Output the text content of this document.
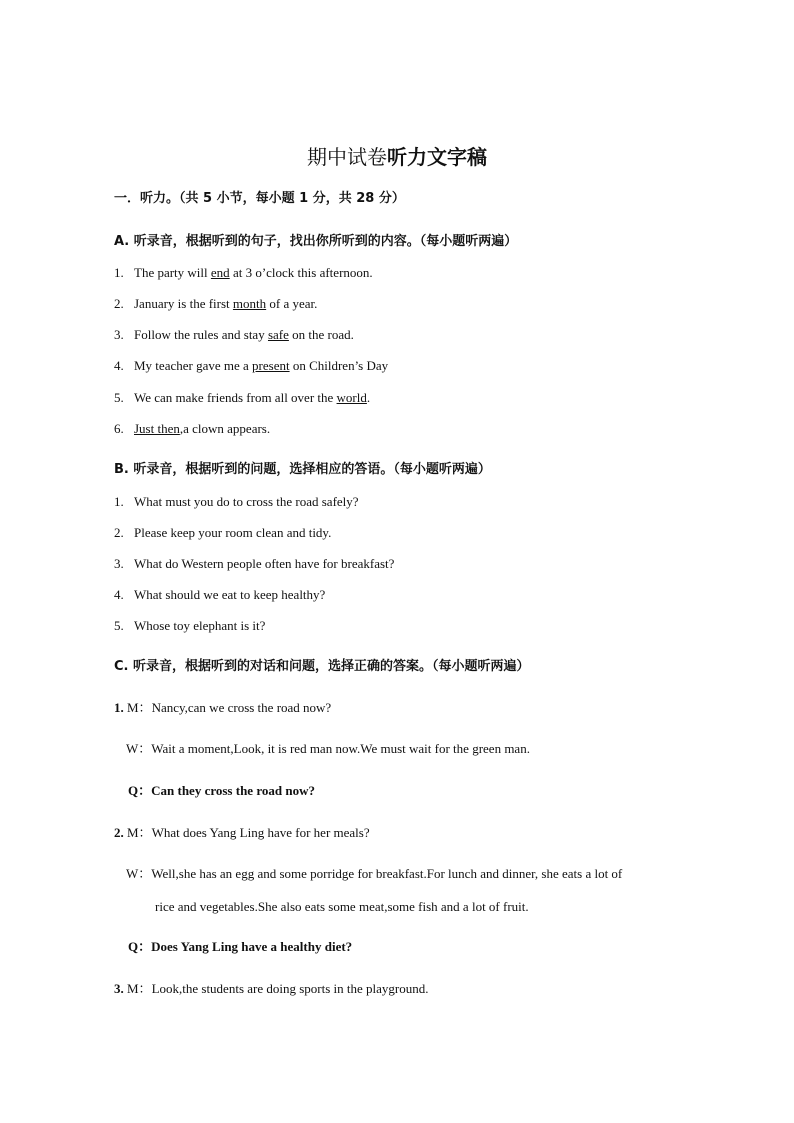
期中试卷听力文字稿
一．听力。（共 5 小节，每小题 1 分，共 28 分）
A. 听录音，根据听到的句子，找出你所听到的内容。（每小题听两遍）
1. The party will end at 3 o’clock this afternoon.
2. January is the first month of a year.
3. Follow the rules and stay safe on the road.
4. My teacher gave me a present on Children’s Day
5. We can make friends from all over the world.
6. Just then,a clown appears.
B. 听录音，根据听到的问题，选择相应的答语。（每小题听两遍）
1. What must you do to cross the road safely?
2. Please keep your room clean and tidy.
3. What do Western people often have for breakfast?
4. What should we eat to keep healthy?
5. Whose toy elephant is it?
C. 听录音，根据听到的对话和问题，选择正确的答案。（每小题听两遍）
1. M：Nancy,can we cross the road now?
W：Wait a moment,Look, it is red man now.We must wait for the green man.
Q：Can they cross the road now?
2. M：What does Yang Ling have for her meals?
W：Well,she has an egg and some porridge for breakfast.For lunch and dinner, she eats a lot of
rice and vegetables.She also eats some meat,some fish and a lot of fruit.
Q：Does Yang Ling have a healthy diet?
3. M：Look,the students are doing sports in the playground.
